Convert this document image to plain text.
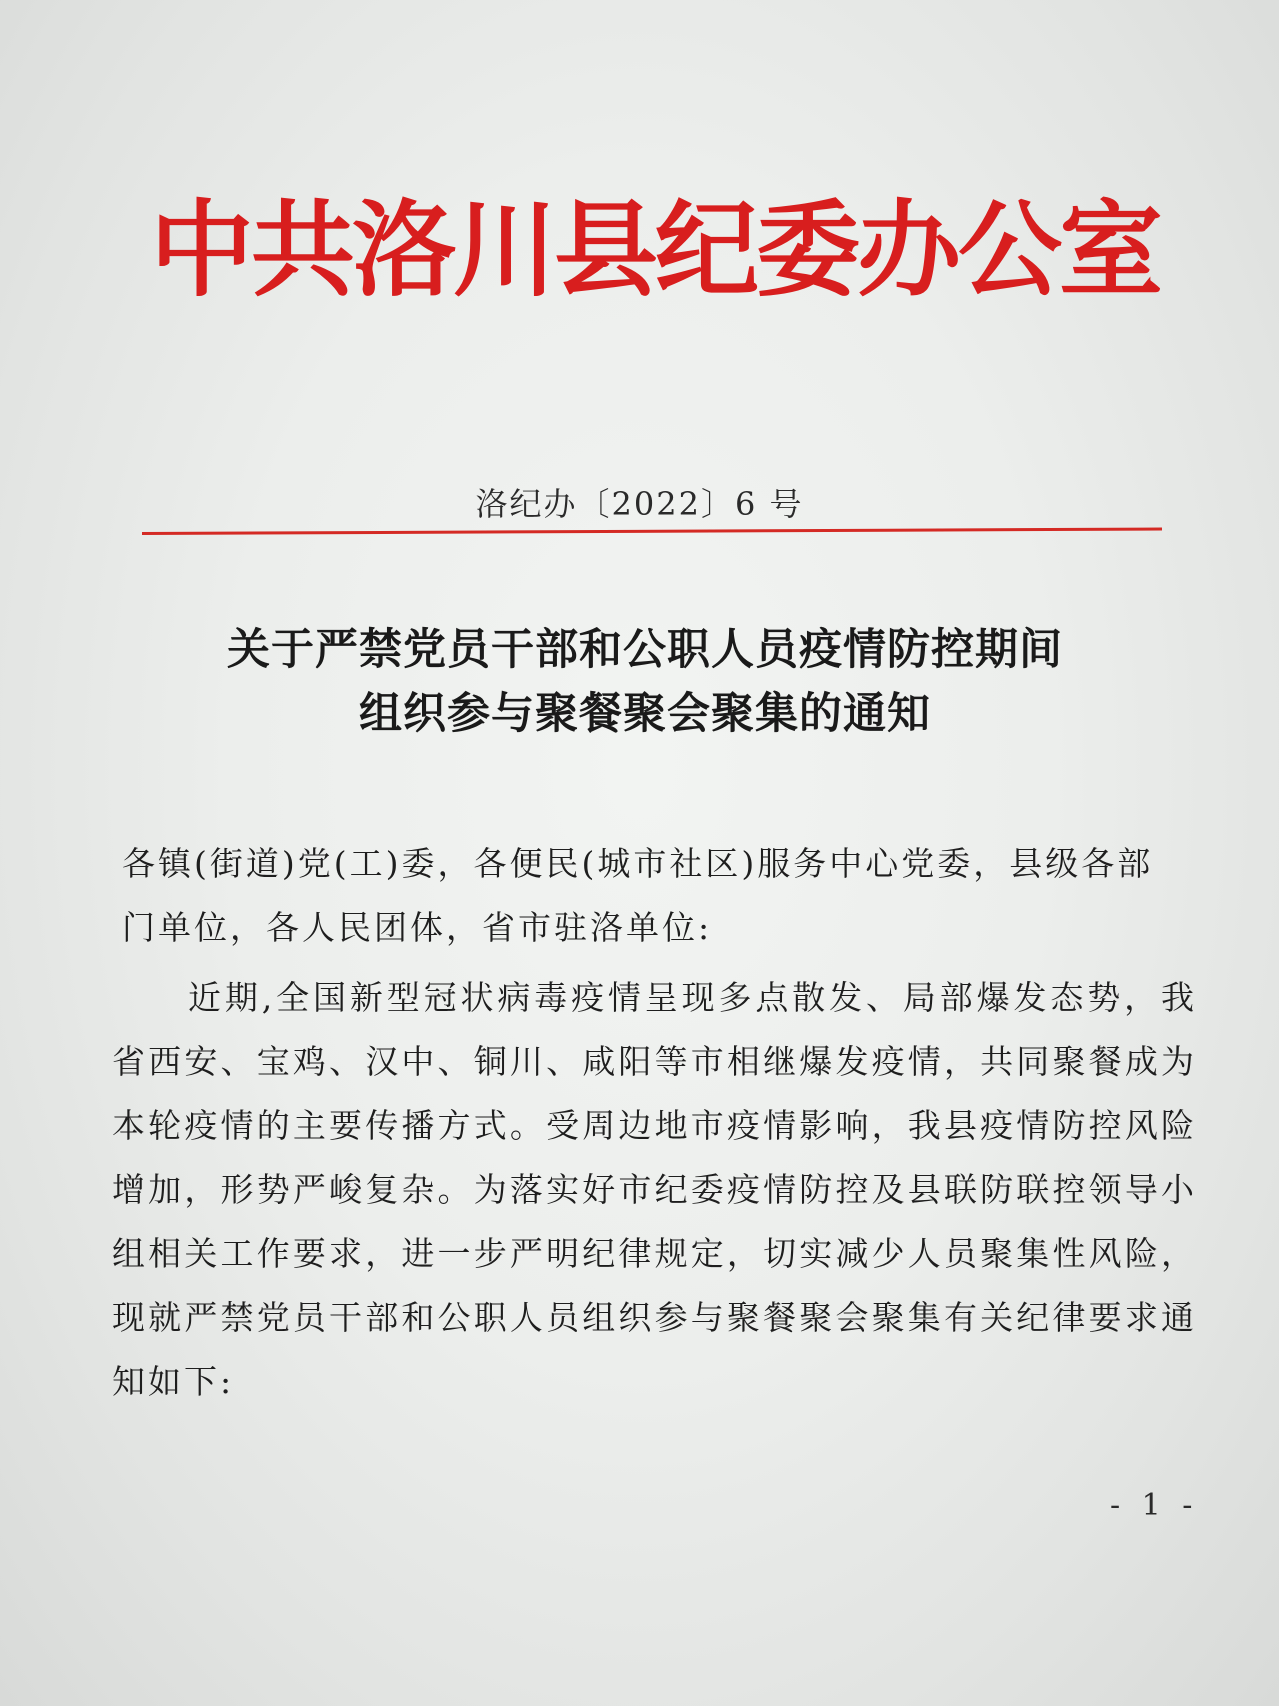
中共洛川县纪委办公室
洛纪办〔2022〕6 号
关于严禁党员干部和公职人员疫情防控期间
组织参与聚餐聚会聚集的通知
各镇(街道)党(工)委，各便民(城市社区)服务中心党委，县级各部门单位，各人民团体，省市驻洛单位:
近期,全国新型冠状病毒疫情呈现多点散发、局部爆发态势，我省西安、宝鸡、汉中、铜川、咸阳等市相继爆发疫情，共同聚餐成为本轮疫情的主要传播方式。受周边地市疫情影响，我县疫情防控风险增加，形势严峻复杂。为落实好市纪委疫情防控及县联防联控领导小组相关工作要求，进一步严明纪律规定，切实减少人员聚集性风险，现就严禁党员干部和公职人员组织参与聚餐聚会聚集有关纪律要求通知如下:
- 1 -
